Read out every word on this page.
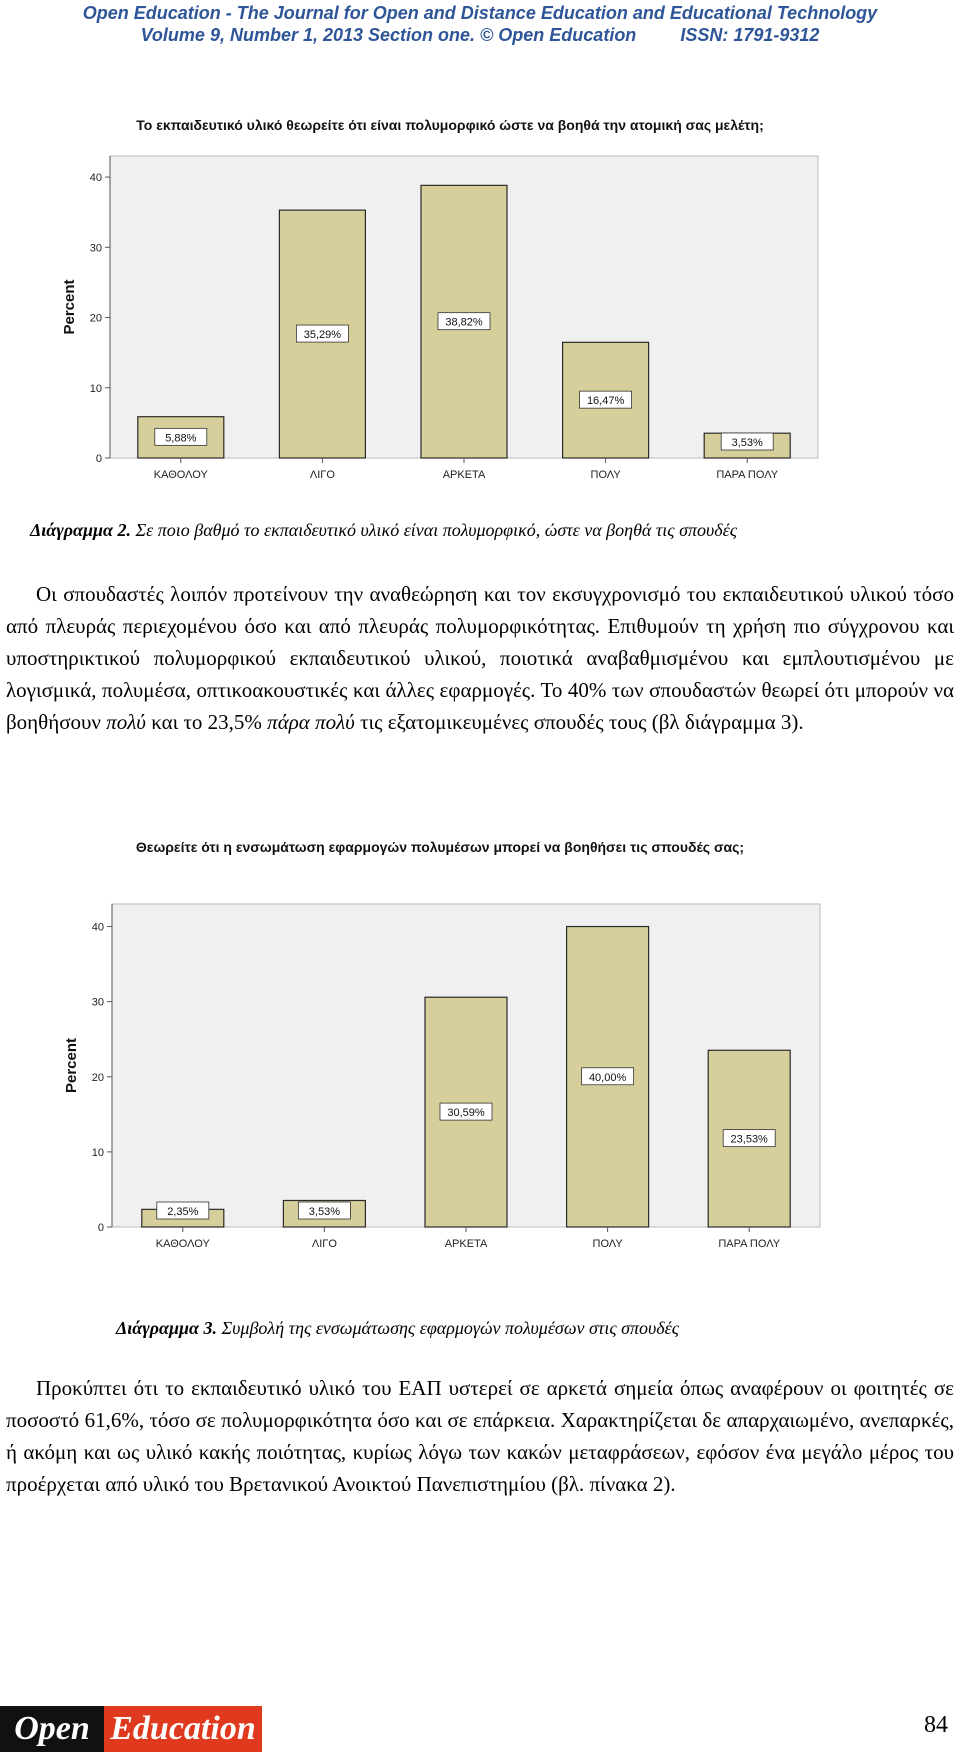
Open Education - The Journal for Open and Distance Education and Educational Technology
Volume 9, Number 1, 2013 Section one. © Open Education ISSN: 1791-9312
Το εκπαιδευτικό υλικό θεωρείτε ότι είναι πολυμορφικό ώστε να βοηθά την ατομική σας μελέτη;
0
10
20
30
40
Percent
5,88%
ΚΑΘΟΛΟΥ
35,29%
ΛΙΓΟ
38,82%
ΑΡΚΕΤΑ
16,47%
ΠΟΛΥ
3,53%
ΠΑΡΑ ΠΟΛΥ
Διάγραμμα 2. Σε ποιο βαθμό το εκπαιδευτικό υλικό είναι πολυμορφικό, ώστε να βοηθά τις σπουδές
Οι σπουδαστές λοιπόν προτείνουν την αναθεώρηση και τον εκσυγχρονισμό του εκπαιδευτικού υλικού τόσο από πλευράς περιεχομένου όσο και από πλευράς πολυμορφικότητας. Επιθυμούν τη χρήση πιο σύγχρονου και υποστηρικτικού πολυμορφικού εκπαιδευτικού υλικού, ποιοτικά αναβαθμισμένου και εμπλουτισμένου με λογισμικά, πολυμέσα, οπτικοακουστικές και άλλες εφαρμογές. Το 40% των σπουδαστών θεωρεί ότι μπορούν να βοηθήσουν πολύ και το 23,5% πάρα πολύ τις εξατομικευμένες σπουδές τους (βλ διάγραμμα 3).
Θεωρείτε ότι η ενσωμάτωση εφαρμογών πολυμέσων μπορεί να βοηθήσει τις σπουδές σας;
0
10
20
30
40
Percent
2,35%
ΚΑΘΟΛΟΥ
3,53%
ΛΙΓΟ
30,59%
ΑΡΚΕΤΑ
40,00%
ΠΟΛΥ
23,53%
ΠΑΡΑ ΠΟΛΥ
Διάγραμμα 3. Συμβολή της ενσωμάτωσης εφαρμογών πολυμέσων στις σπουδές
Προκύπτει ότι το εκπαιδευτικό υλικό του ΕΑΠ υστερεί σε αρκετά σημεία όπως αναφέρουν οι φοιτητές σε ποσοστό 61,6%, τόσο σε πολυμορφικότητα όσο και σε επάρκεια. Χαρακτηρίζεται δε απαρχαιωμένο, ανεπαρκές, ή ακόμη και ως υλικό κακής ποιότητας, κυρίως λόγω των κακών μεταφράσεων, εφόσον ένα μεγάλο μέρος του προέρχεται από υλικό του Βρετανικού Ανοικτού Πανεπιστημίου (βλ. πίνακα 2).
Open Education	84
